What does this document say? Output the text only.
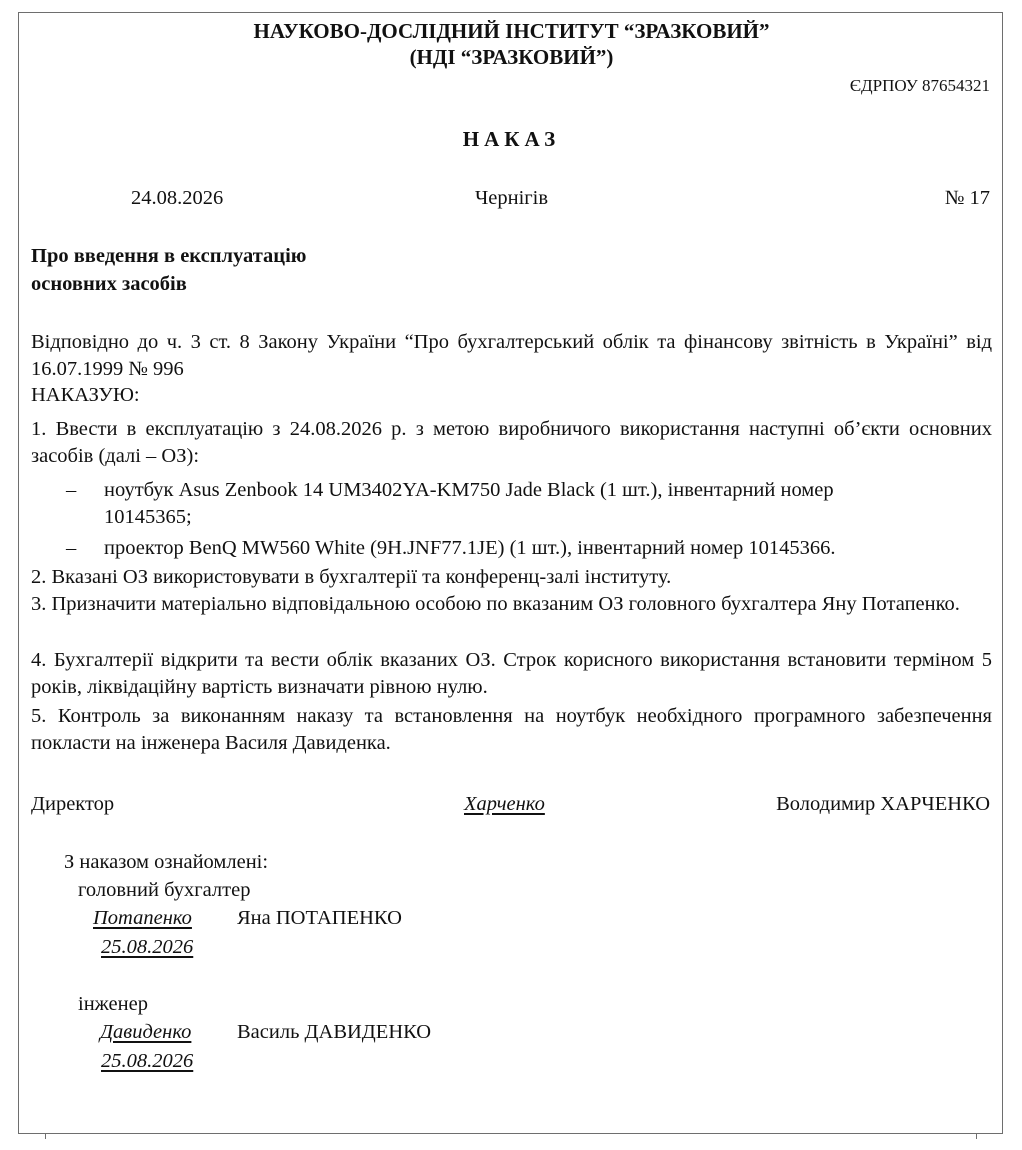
НАУКОВО-ДОСЛІДНИЙ ІНСТИТУТ “ЗРАЗКОВИЙ”
(НДІ “ЗРАЗКОВИЙ”)
ЄДРПОУ 87654321
НАКАЗ
24.08.2026	Чернігів	№ 17
Про введення в експлуатацію
основних засобів
Відповідно до ч. 3 ст. 8 Закону України “Про бухгалтерський облік та фінансову звітність в Україні” від 16.07.1999 № 996
НАКАЗУЮ:
1. Ввести в експлуатацію з 24.08.2026 р. з метою виробничого використання наступні об’єкти основних засобів (далі – ОЗ):
– ноутбук Asus Zenbook 14 UM3402YA-KM750 Jade Black (1 шт.), інвентарний номер
10145365;
– проектор BenQ MW560 White (9H.JNF77.1JE) (1 шт.), інвентарний номер 10145366.
2. Вказані ОЗ використовувати в бухгалтерії та конференц-залі інституту.
3. Призначити матеріально відповідальною особою по вказаним ОЗ головного бухгалтера Яну Потапенко.
4. Бухгалтерії відкрити та вести облік вказаних ОЗ. Строк корисного використання встановити терміном 5 років, ліквідаційну вартість визначати рівною нулю.
5. Контроль за виконанням наказу та встановлення на ноутбук необхідного програмного забезпечення покласти на інженера Василя Давиденка.
Директор	Харченко	Володимир ХАРЧЕНКО
З наказом ознайомлені:
головний бухгалтер
Потапенко Яна ПОТАПЕНКО
25.08.2026
інженер
Давиденко Василь ДАВИДЕНКО
25.08.2026
